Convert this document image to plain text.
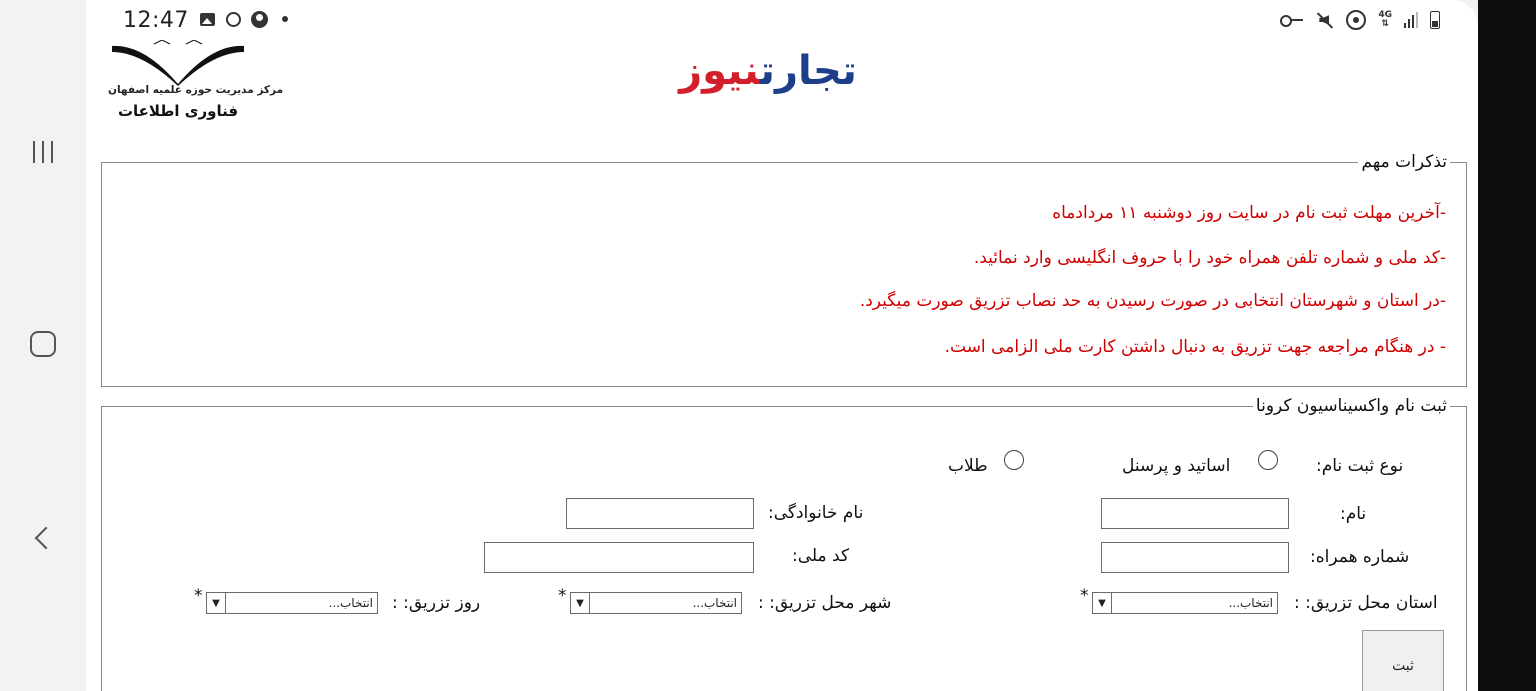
12:47	4G
⇅
مرکز مدیریت حوزه علمیه اصفهان
فناوری اطلاعات
تجارتنیوز
تذکرات مهم
-آخرین مهلت ثبت نام در سایت روز دوشنبه ۱۱ مردادماه
-کد ملی و شماره تلفن همراه خود را با حروف انگلیسی وارد نمائید.
-در استان و شهرستان انتخابی در صورت رسیدن به حد نصاب تزریق صورت میگیرد.
- در هنگام مراجعه جهت تزریق به دنبال داشتن کارت ملی الزامی است.
ثبت نام واکسیناسیون کرونا
نوع ثبت نام:
اساتید و پرسنل
طلاب
نام:
نام خانوادگی:
شماره همراه:
کد ملی:
استان محل تزریق: :
انتخاب...
▼
*
شهر محل تزریق: :
انتخاب...
▼
*
روز تزریق: :
انتخاب...
▼
*
ثبت
